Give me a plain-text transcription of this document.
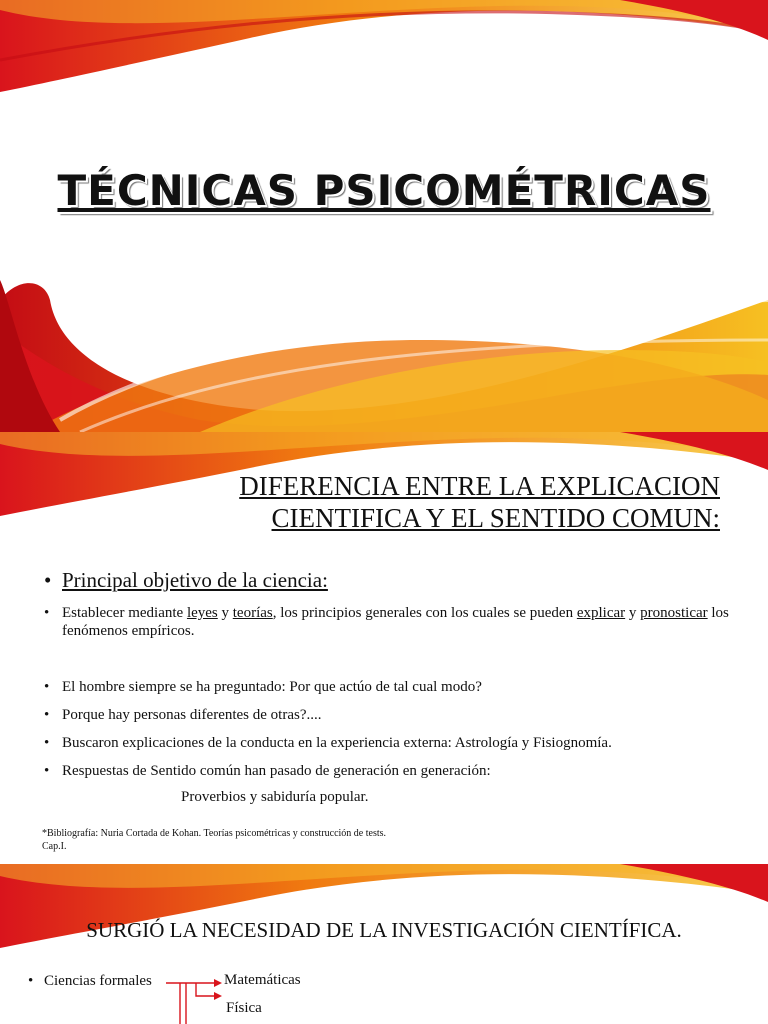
TÉCNICAS PSICOMÉTRICAS
DIFERENCIA ENTRE LA EXPLICACION
CIENTIFICA Y EL SENTIDO COMUN:
• Principal objetivo de la ciencia:
• Establecer mediante leyes y teorías, los principios generales con los cuales se pueden explicar y pronosticar los fenómenos empíricos.
• El hombre siempre se ha preguntado: Por que actúo de tal cual modo?
• Porque hay personas diferentes de otras?....
• Buscaron explicaciones de la conducta en la experiencia externa: Astrología y Fisiognomía.
• Respuestas de Sentido común han pasado de generación en generación:
Proverbios y sabiduría popular.
*Bibliografía: Nuria Cortada de Kohan. Teorías psicométricas y construcción de tests. Cap.I.
SURGIÓ LA NECESIDAD DE LA INVESTIGACIÓN CIENTÍFICA.
• Ciencias formales	Matemáticas
Física
